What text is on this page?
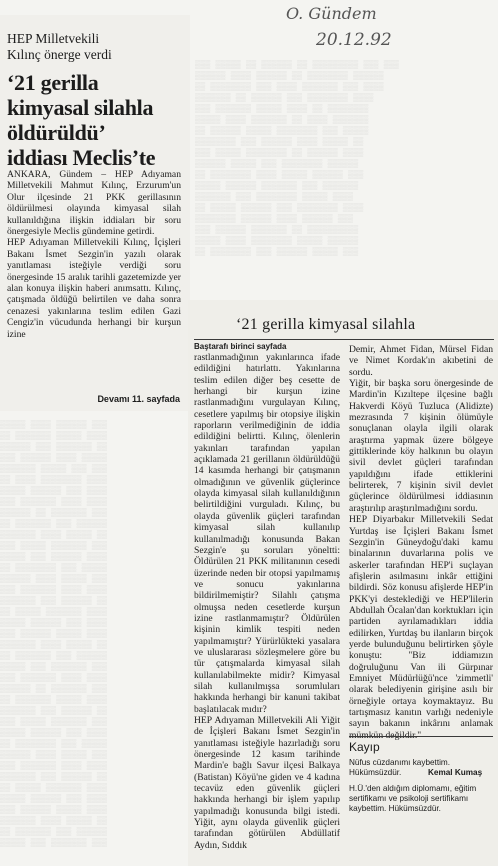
▒▒▒ ▒▒▒▒▒ ▒▒ ▒▒▒▒▒▒ ▒▒ ▒▒▒▒▒▒▒▒▒ ▒▒▒ ▒▒▒
▒▒▒▒▒▒ ▒▒▒▒ ▒▒▒▒▒▒ ▒▒ ▒▒▒▒▒▒▒▒ ▒▒▒▒▒▒
▒▒ ▒▒▒▒▒▒▒▒ ▒▒▒ ▒▒▒▒ ▒▒▒▒▒▒▒ ▒▒▒ ▒▒▒▒
▒▒▒▒▒▒▒ ▒▒ ▒▒▒▒▒▒ ▒▒▒ ▒▒▒▒▒▒▒▒ ▒▒▒▒
▒▒▒ ▒▒▒▒▒▒▒ ▒▒▒▒▒ ▒▒▒▒ ▒▒ ▒▒▒▒▒▒▒▒
▒▒▒▒▒ ▒▒▒▒ ▒▒▒▒▒▒▒ ▒▒ ▒▒▒▒ ▒▒▒▒▒▒▒
▒▒ ▒▒▒▒▒▒ ▒▒▒▒▒ ▒▒▒▒▒▒▒▒ ▒▒▒ ▒▒▒▒▒
▒▒▒▒▒▒▒▒ ▒▒▒ ▒▒▒▒▒▒ ▒▒▒▒ ▒▒▒▒▒ ▒▒
▒▒▒ ▒▒▒▒▒ ▒▒▒▒▒▒▒▒ ▒▒ ▒▒▒▒▒▒ ▒▒▒▒
▒▒▒▒▒▒ ▒▒▒▒▒ ▒▒▒ ▒▒▒▒▒▒▒▒ ▒▒▒▒▒▒
▒▒ ▒▒▒▒▒▒▒▒ ▒▒▒▒ ▒▒▒▒▒ ▒▒▒▒▒▒ ▒▒▒
▒▒▒▒▒ ▒▒▒▒▒▒ ▒▒▒▒▒▒▒ ▒▒▒ ▒▒▒▒▒▒▒
▒▒▒▒▒▒▒ ▒▒▒ ▒▒▒▒▒▒▒▒ ▒▒▒▒▒ ▒▒▒▒
▒▒ ▒▒▒▒▒ ▒▒▒▒▒▒ ▒▒▒ ▒▒▒▒▒▒▒▒ ▒▒▒▒
▒▒▒▒▒▒▒▒ ▒▒▒▒▒▒ ▒▒▒▒ ▒▒▒▒▒▒ ▒▒▒
▒▒▒ ▒▒▒▒▒▒ ▒▒▒▒▒▒▒ ▒▒ ▒▒▒▒▒▒▒▒▒▒
▒▒▒▒▒ ▒▒▒▒ ▒▒▒▒▒▒▒▒ ▒▒▒▒▒ ▒▒▒▒▒▒
▒▒ ▒▒▒▒▒▒▒▒ ▒▒▒ ▒▒▒▒▒▒ ▒▒▒▒▒ ▒▒▒
▒▒▒▒▒ ▒▒▒▒ ▒▒▒▒▒▒ ▒▒▒
▒▒ ▒▒▒▒▒▒▒ ▒▒▒▒▒ ▒▒▒▒
▒▒▒▒▒▒ ▒▒▒ ▒▒▒▒▒▒▒ ▒▒
▒▒▒ ▒▒▒▒▒▒ ▒▒▒▒ ▒▒▒▒▒
▒▒▒▒▒▒▒ ▒▒▒▒▒ ▒▒▒ ▒▒▒
▒▒ ▒▒▒▒ ▒▒▒▒▒▒▒▒ ▒▒▒▒
▒▒▒▒▒ ▒▒▒▒▒▒ ▒▒▒ ▒▒▒▒
▒▒▒ ▒▒▒▒▒▒▒ ▒▒▒▒ ▒▒▒▒
▒▒▒▒▒▒ ▒▒ ▒▒▒▒▒▒▒ ▒▒▒
▒▒ ▒▒▒▒▒▒▒ ▒▒▒ ▒▒▒▒▒▒
▒▒▒▒▒▒▒ ▒▒▒▒ ▒▒▒▒▒ ▒▒
▒▒▒ ▒▒▒▒▒ ▒▒▒▒▒▒▒ ▒▒▒
▒▒▒▒▒ ▒▒▒ ▒▒▒▒▒▒ ▒▒▒▒
▒▒ ▒▒▒▒▒▒▒▒ ▒▒▒ ▒▒▒▒▒
▒▒▒▒▒▒ ▒▒▒▒ ▒▒▒▒▒ ▒▒▒
▒▒▒ ▒▒▒▒▒▒▒ ▒▒▒▒ ▒▒▒▒
▒▒▒▒▒▒▒ ▒▒▒ ▒▒▒▒▒▒ ▒▒
▒▒ ▒▒▒▒▒ ▒▒▒▒▒▒▒ ▒▒▒▒
▒▒▒▒▒ ▒▒▒▒▒▒ ▒▒▒ ▒▒▒▒
▒▒▒ ▒▒▒▒▒▒ ▒▒▒▒▒ ▒▒▒▒
▒▒▒▒▒▒▒ ▒▒▒▒ ▒▒▒▒▒ ▒▒
▒▒ ▒▒▒▒▒▒▒ ▒▒▒ ▒▒▒▒▒▒
▒▒▒▒▒ ▒▒▒ ▒▒▒▒▒▒▒ ▒▒▒
▒▒▒ ▒▒▒▒▒▒▒ ▒▒▒▒ ▒▒▒▒
▒▒▒▒▒▒ ▒▒ ▒▒▒▒▒▒▒ ▒▒▒
▒▒ ▒▒▒▒▒▒▒ ▒▒▒▒▒ ▒▒▒▒
▒▒▒▒▒▒▒ ▒▒▒ ▒▒▒▒▒▒ ▒▒
▒▒▒ ▒▒▒▒▒ ▒▒▒▒▒▒▒ ▒▒▒
▒▒▒▒▒ ▒▒▒▒▒▒ ▒▒▒ ▒▒▒▒
▒▒ ▒▒▒▒▒▒▒▒ ▒▒▒ ▒▒▒▒▒
▒▒▒▒▒▒ ▒▒▒▒ ▒▒▒▒▒ ▒▒▒
▒▒▒ ▒▒▒▒▒▒▒ ▒▒▒▒ ▒▒▒▒
▒▒▒▒▒▒▒ ▒▒▒ ▒▒▒▒▒▒ ▒▒
▒▒ ▒▒▒▒▒ ▒▒▒▒▒▒▒ ▒▒▒▒
▒▒▒▒▒ ▒▒▒▒▒▒ ▒▒▒ ▒▒▒▒
▒▒▒ ▒▒▒▒▒▒ ▒▒▒▒▒ ▒▒▒▒
▒▒▒▒▒▒▒ ▒▒▒▒ ▒▒▒▒▒ ▒▒
▒▒ ▒▒▒▒▒▒▒ ▒▒▒ ▒▒▒▒▒▒
▒▒▒▒▒ ▒▒▒ ▒▒▒▒▒▒▒ ▒▒▒
O. Gündem
20.12.92
HEP Milletvekili
Kılınç önerge verdi
‘21 gerilla
kimyasal silahla
öldürüldü’
iddiası Meclis’te
ANKARA, Gündem – HEP Adıyaman Milletvekili Mahmut Kılınç, Erzurum'un Olur ilçesinde 21 PKK gerillasının öldürülmesi olayında kimyasal silah kullanıldığına ilişkin iddiaları bir soru önergesiyle Meclis gündemine getirdi.
HEP Adıyaman Milletvekili Kılınç, İçişleri Bakanı İsmet Sezgin'in yazılı olarak yanıtlaması isteğiyle verdiği soru önergesinde 15 aralık tarihli gazetemizde yer alan konuya ilişkin haberi anımsattı. Kılınç, çatışmada öldüğü belirtilen ve daha sonra cenazesi yakınlarına teslim edilen Gazi Cengiz'in vücudunda herhangi bir kurşun izine
Devamı 11. sayfada
‘21 gerilla kimyasal silahla
Baştarafı birinci sayfada
rastlanmadığının yakınlarınca ifade edildiğini hatırlattı. Yakınlarına teslim edilen diğer beş cesette de herhangi bir kurşun izine rastlanmadığını vurgulayan Kılınç, cesetlere yapılmış bir otopsiye ilişkin raporların verilmediğinin de iddia edildiğini belirtti. Kılınç, ölenlerin yakınları tarafından yapılan açıklamada 21 gerillanın öldürüldüğü 14 kasımda herhangi bir çatışmanın olmadığının ve güvenlik güçlerince olayda kimyasal silah kullanıldığının belirtildiğini vurguladı. Kılınç, bu olayda güvenlik güçleri tarafından kimyasal silah kullanılıp kullanılmadığı konusunda Bakan Sezgin'e şu soruları yöneltti: Öldürülen 21 PKK militanının cesedi üzerinde neden bir otopsi yapılmamış ve sonucu yakınlarına bildirilmemiştir? Silahlı çatışma olmuşsa neden cesetlerde kurşun izine rastlanmamıştır? Öldürülen kişinin kimlik tespiti neden yapılmamıştır? Yürürlükteki yasalara ve uluslararası sözleşmelere göre bu tür çatışmalarda kimyasal silah kullanılabilmekte midir? Kimyasal silah kullanılmışsa sorumluları hakkında herhangi bir kanuni takibat başlatılacak mıdır?
HEP Adıyaman Milletvekili Ali Yiğit de İçişleri Bakanı İsmet Sezgin'in yanıtlaması isteğiyle hazırladığı soru önergesinde 12 kasım tarihinde Mardin'e bağlı Savur ilçesi Balkaya (Batistan) Köyü'ne giden ve 4 kadına tecavüz eden güvenlik güçleri hakkında herhangi bir işlem yapılıp yapılmadığı konusunda bilgi istedi. Yiğit, aynı olayda güvenlik güçleri tarafından götürülen Abdüllatif Aydın, Sıddık
Demir, Ahmet Fidan, Mürsel Fidan ve Nimet Kordak'ın akıbetini de sordu.
Yiğit, bir başka soru önergesinde de Mardin'in Kızıltepe ilçesine bağlı Hakverdi Köyü Tuzluca (Alidizte) mezrasında 7 kişinin ölümüyle sonuçlanan olayla ilgili olarak araştırma yapmak üzere bölgeye gittiklerinde köy halkının bu olayın sivil devlet güçleri tarafından yapıldığını ifade ettiklerini belirterek, 7 kişinin sivil devlet güçlerince öldürülmesi iddiasının araştırılıp araştırılmadığını sordu.
HEP Diyarbakır Milletvekili Sedat Yurtdaş ise İçişleri Bakanı İsmet Sezgin'in Güneydoğu'daki kamu binalarının duvarlarına polis ve askerler tarafından HEP'i suçlayan afişlerin asılmasını inkâr ettiğini bildirdi. Söz konusu afişlerde HEP'in PKK'yi desteklediği ve HEP'lilerin Abdullah Öcalan'dan korktukları için partiden ayrılamadıkları iddia edilirken, Yurtdaş bu ilanların birçok yerde bulunduğunu belirtirken şöyle konuştu: "Biz iddiamızın doğruluğunu Van ili Gürpınar Emniyet Müdürlüğü'nce 'zimmetli' olarak belediyenin girişine asılı bir örneğiyle ortaya koymaktayız. Bu tartışmasız kanıtın varlığı nedeniyle sayın bakanın inkârını anlamak
Kayıp
Nüfus cüzdanımı kaybettim. Hükümsüzdür.	Kemal Kumaş
H.Ü.'den aldığım diplomamı, eğitim sertifikamı ve psikoloji sertifikamı kaybettim. Hükümsüzdür.
